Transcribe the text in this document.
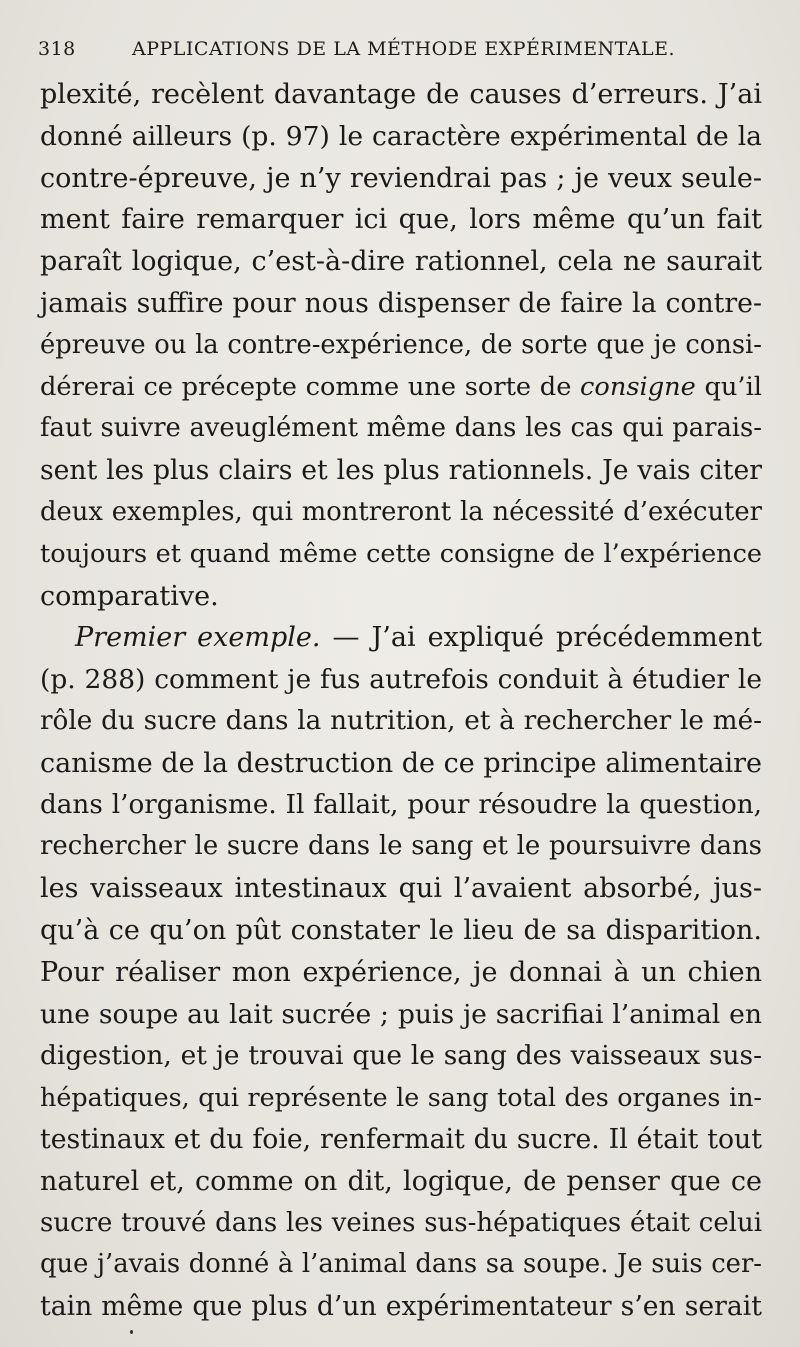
318	APPLICATIONS DE LA MÉTHODE EXPÉRIMENTALE.
plexité, recèlent davantage de causes d’erreurs. J’ai
donné ailleurs (p. 97) le caractère expérimental de la
contre-épreuve, je n’y reviendrai pas ; je veux seule-
ment faire remarquer ici que, lors même qu’un fait
paraît logique, c’est-à-dire rationnel, cela ne saurait
jamais suffire pour nous dispenser de faire la contre-
épreuve ou la contre-expérience, de sorte que je consi-
dérerai ce précepte comme une sorte de consigne qu’il
faut suivre aveuglément même dans les cas qui parais-
sent les plus clairs et les plus rationnels. Je vais citer
deux exemples, qui montreront la nécessité d’exécuter
toujours et quand même cette consigne de l’expérience
comparative.
Premier exemple. — J’ai expliqué précédemment
(p. 288) comment je fus autrefois conduit à étudier le
rôle du sucre dans la nutrition, et à rechercher le mé-
canisme de la destruction de ce principe alimentaire
dans l’organisme. Il fallait, pour résoudre la question,
rechercher le sucre dans le sang et le poursuivre dans
les vaisseaux intestinaux qui l’avaient absorbé, jus-
qu’à ce qu’on pût constater le lieu de sa disparition.
Pour réaliser mon expérience, je donnai à un chien
une soupe au lait sucrée ; puis je sacrifiai l’animal en
digestion, et je trouvai que le sang des vaisseaux sus-
hépatiques, qui représente le sang total des organes in-
testinaux et du foie, renfermait du sucre. Il était tout
naturel et, comme on dit, logique, de penser que ce
sucre trouvé dans les veines sus-hépatiques était celui
que j’avais donné à l’animal dans sa soupe. Je suis cer-
tain même que plus d’un expérimentateur s’en serait
